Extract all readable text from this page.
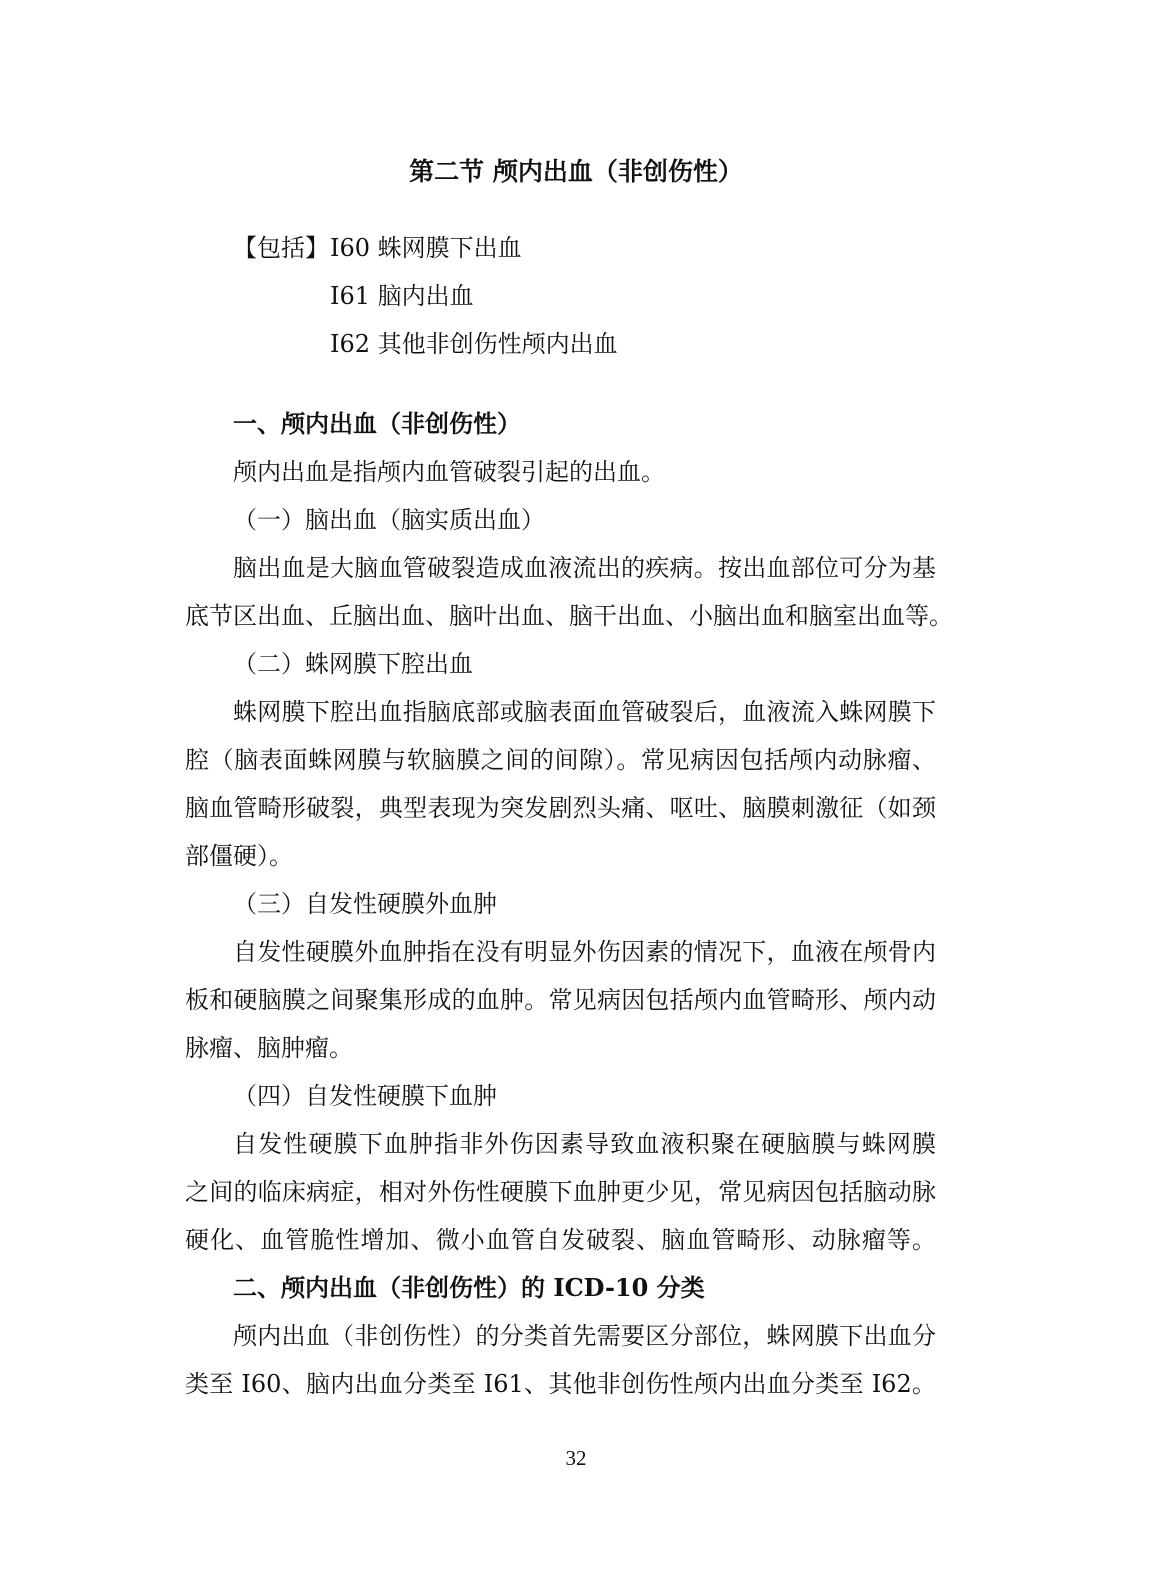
第二节 颅内出血（非创伤性）
【包括】 I60 蛛网膜下出血
I61 脑内出血
I62 其他非创伤性颅内出血
一、颅内出血（非创伤性）
颅内出血是指颅内血管破裂引起的出血。
（一）脑出血（脑实质出血）
脑出血是大脑血管破裂造成血液流出的疾病。按出血部位可分为基
底节区出血、丘脑出血、脑叶出血、脑干出血、小脑出血和脑室出血等。
（二）蛛网膜下腔出血
蛛网膜下腔出血指脑底部或脑表面血管破裂后，血液流入蛛网膜下
腔（脑表面蛛网膜与软脑膜之间的间隙）。常见病因包括颅内动脉瘤、
脑血管畸形破裂，典型表现为突发剧烈头痛、呕吐、脑膜刺激征（如颈
部僵硬）。
（三）自发性硬膜外血肿
自发性硬膜外血肿指在没有明显外伤因素的情况下，血液在颅骨内
板和硬脑膜之间聚集形成的血肿。常见病因包括颅内血管畸形、颅内动
脉瘤、脑肿瘤。
（四）自发性硬膜下血肿
自发性硬膜下血肿指非外伤因素导致血液积聚在硬脑膜与蛛网膜
之间的临床病症，相对外伤性硬膜下血肿更少见，常见病因包括脑动脉
硬化、血管脆性增加、微小血管自发破裂、脑血管畸形、动脉瘤等。
二、颅内出血（非创伤性）的 ICD-10 分类
颅内出血（非创伤性）的分类首先需要区分部位，蛛网膜下出血分
类至 I60、脑内出血分类至 I61、其他非创伤性颅内出血分类至 I62。
32
